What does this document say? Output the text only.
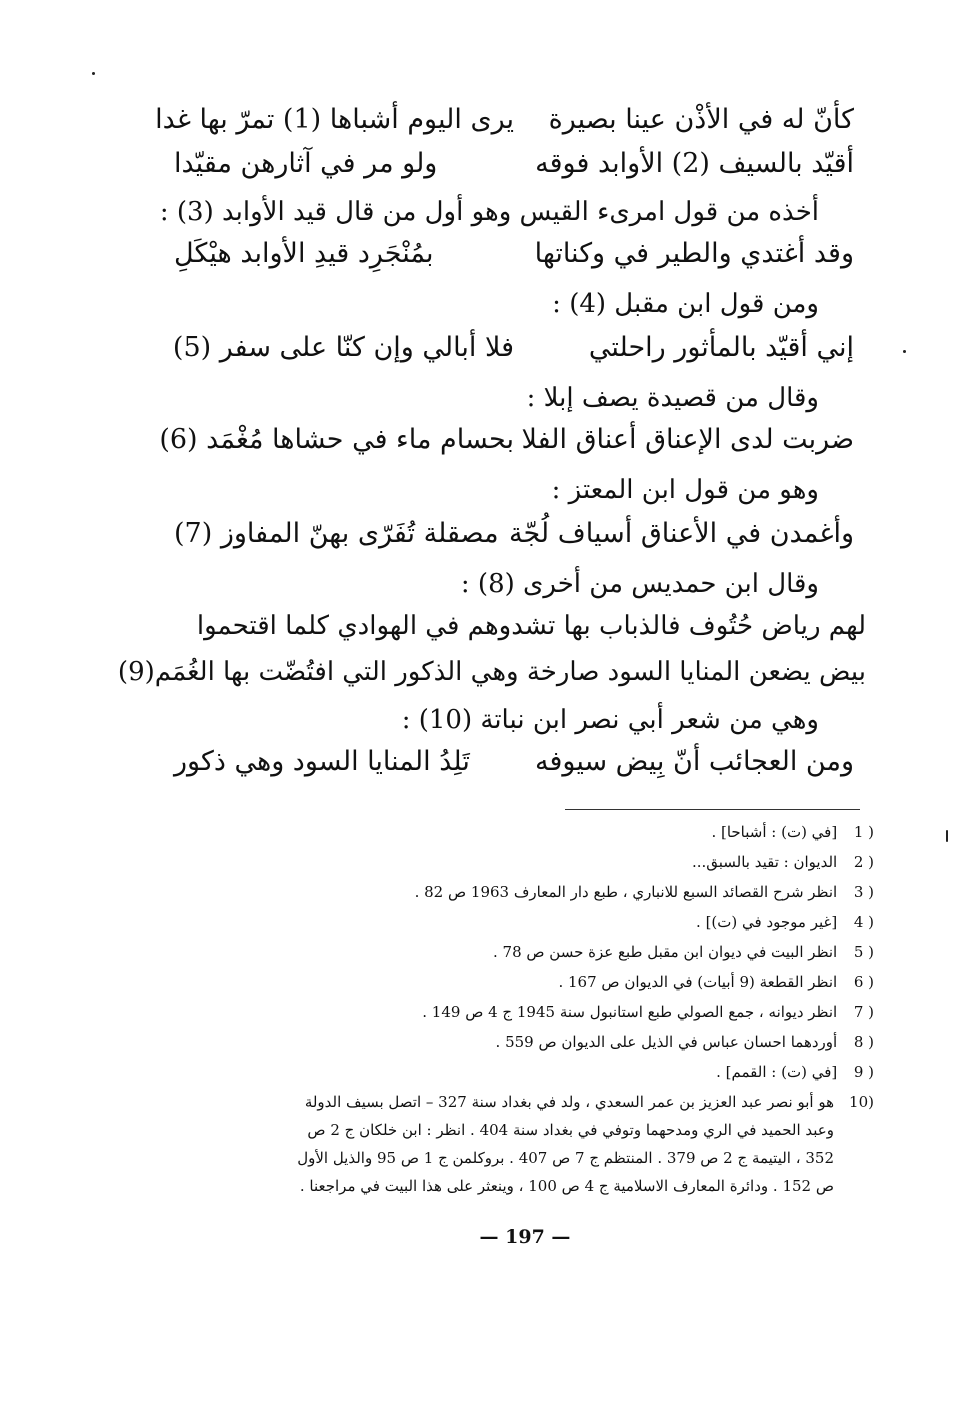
كأنّ له في الأذْن عينا بصيرة
يرى اليوم أشباها (1) تمرّ بها غدا
أقيّد بالسيف (2) الأوابد فوقه
ولو مر في آثارهن مقيّدا
أخذه من قول امرىء القيس وهو أول من قال قيد الأوابد (3) :
وقد أغتدي والطير في وكناتها
بمُنْجَرِد قيدِ الأوابد هيْكَلِ
ومن قول ابن مقبل (4) :
إني أقيّد بالمأثور راحلتي
فلا أبالي وإن كنّا على سفر (5)
وقال من قصيدة يصف إبلا :
ضربت لدى الإعناق أعناق الفلا
بحسام ماء في حشاها مُغْمَد (6)
وهو من قول ابن المعتز :
وأغمدن في الأعناق أسياف لُجّة
مصقلة تُفَرّى بهنّ المفاوز (7)
وقال ابن حمديس من أخرى (8) :
لهم رياض حُتُوف فالذباب بها تشدوهم في الهوادي كلما اقتحموا
بيض يضعن المنايا السود صارخة وهي الذكور التي افتُضّت بها الغُمَم(9)
وهي من شعر أبي نصر ابن نباتة (10) :
ومن العجائب أنّ بِيض سيوفه
تَلِدُ المنايا السود وهي ذكور
1 ) [في (ت) : أشباحا] .
2 ) الديوان : تقيد بالسبق...
3 ) انظر شرح القصائد السبع للانباري ، طبع دار المعارف 1963 ص 82 .
4 ) [غير موجود في (ت)] .
5 ) انظر البيت في ديوان ابن مقبل طبع عزة حسن ص 78 .
6 ) انظر القطعة (9 أبيات) في الديوان ص 167 .
7 ) انظر ديوانه ، جمع الصولي طبع استانبول سنة 1945 ج 4 ص 149 .
8 ) أوردهما احسان عباس في الذيل على الديوان ص 559 .
9 ) [في (ت) : القمم] .
10)
هو أبو نصر عبد العزيز بن عمر السعدي ، ولد في بغداد سنة 327 – اتصل بسيف الدولة
وعبد الحميد في الري ومدحهما وتوفي في بغداد سنة 404 . انظر : ابن خلكان ج 2 ص
352 ، اليتيمة ج 2 ص 379 . المنتظم ج 7 ص 407 . بروكلمن ج 1 ص 95 والذيل الأول
ص 152 . ودائرة المعارف الاسلامية ج 4 ص 100 ، وينعثر على هذا البيت في مراجعنا .
— 197 —
